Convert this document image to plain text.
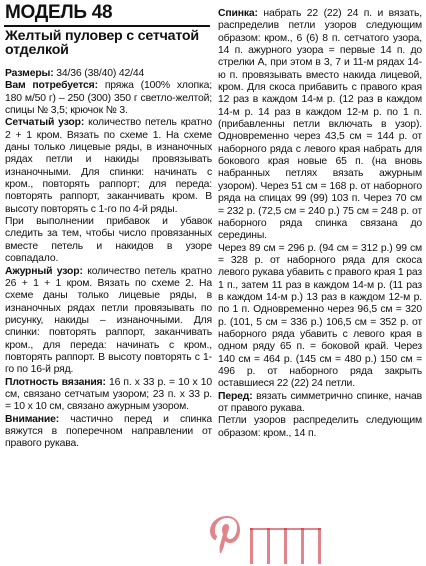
МОДЕЛЬ 48
Желтый пуловер с сетчатой отделкой

Размеры: 34/36 (38/40) 42/44

Вам потребуется: пряжа (100% хлопка; 180 м/50 г) – 250 (300) 350 г светло-желтой; спицы № 3,5; крючок № 3.

Сетчатый узор: количество петель кратно 2 + 1 кром. Вязать по схеме 1. На схеме даны только лицевые ряды, в изнаночных рядах петли и накиды провязывать изнаночными. Для спинки: начинать с кром., повторять раппорт; для переда: повторять раппорт, заканчивать кром. В высоту повторять с 1-го по 4-й ряды.

При выполнении прибавок и убавок следить за тем, чтобы число провязанных вместе петель и накидов в узоре совпадало.

Ажурный узор: количество петель кратно 26 + 1 + 1 кром. Вязать по схеме 2. На схеме даны только лицевые ряды, в изнаночных рядах петли провязывать по рисунку, накиды – изнаночными. Для спинки: повторять раппорт, заканчивать кром., для переда: начинать с кром., повторять раппорт. В высоту повторять с 1-го по 16-й ряд.

Плотность вязания: 16 п. х 33 р. = 10 х 10 см, связано сетчатым узором; 23 п. х 33 р. = 10 х 10 см, связано ажурным узором.

Внимание: частично перед и спинка вяжутся в поперечном направлении от правого рукава.

Спинка: набрать 22 (22) 24 п. и вязать, распределив петли узоров следующим образом: кром., 6 (6) 8 п. сетчатого узора, 14 п. ажурного узора = первые 14 п. до стрелки A, при этом в 3, 7 и 11-м рядах 14-ю п. провязывать вместо накида лицевой, кром. Для скоса прибавить с правого края 12 раз в каждом 14-м р. (12 раз в каждом 14-м р. 14 раз в каждом 12-м р. по 1 п. (прибавленны петли включать в узор). Одновременно через 43,5 см = 144 р. от наборного ряда с левого края набрать для бокового края новые 65 п. (на вновь набранных петлях вязать ажурным узором). Через 51 см = 168 р. от наборного ряда на спицах 99 (99) 103 п. Через 70 см = 232 р. (72,5 см = 240 р.) 75 см = 248 р. от наборного ряда спинка связана до середины.

Через 89 см = 296 р. (94 см = 312 р.) 99 см = 328 р. от наборного ряда для скоса левого рукава убавить с правого края 1 раз 1 п., затем 11 раз в каждом 14-м р. (11 раз в каждом 14-м р.) 13 раз в каждом 12-м р. по 1 п. Одновременно через 96,5 см = 320 р. (101, 5 см = 336 р.) 106,5 см = 352 р. от наборного ряда убавить с левого края в одном ряду 65 п. = боковой край. Через 140 см = 464 р. (145 см = 480 р.) 150 см = 496 р. от наборного ряда закрыть оставшиеся 22 (22) 24 петли.

Перед: вязать симметрично спинке, начав от правого рукава.

Петли узоров распределить следующим образом: кром., 14 п.
